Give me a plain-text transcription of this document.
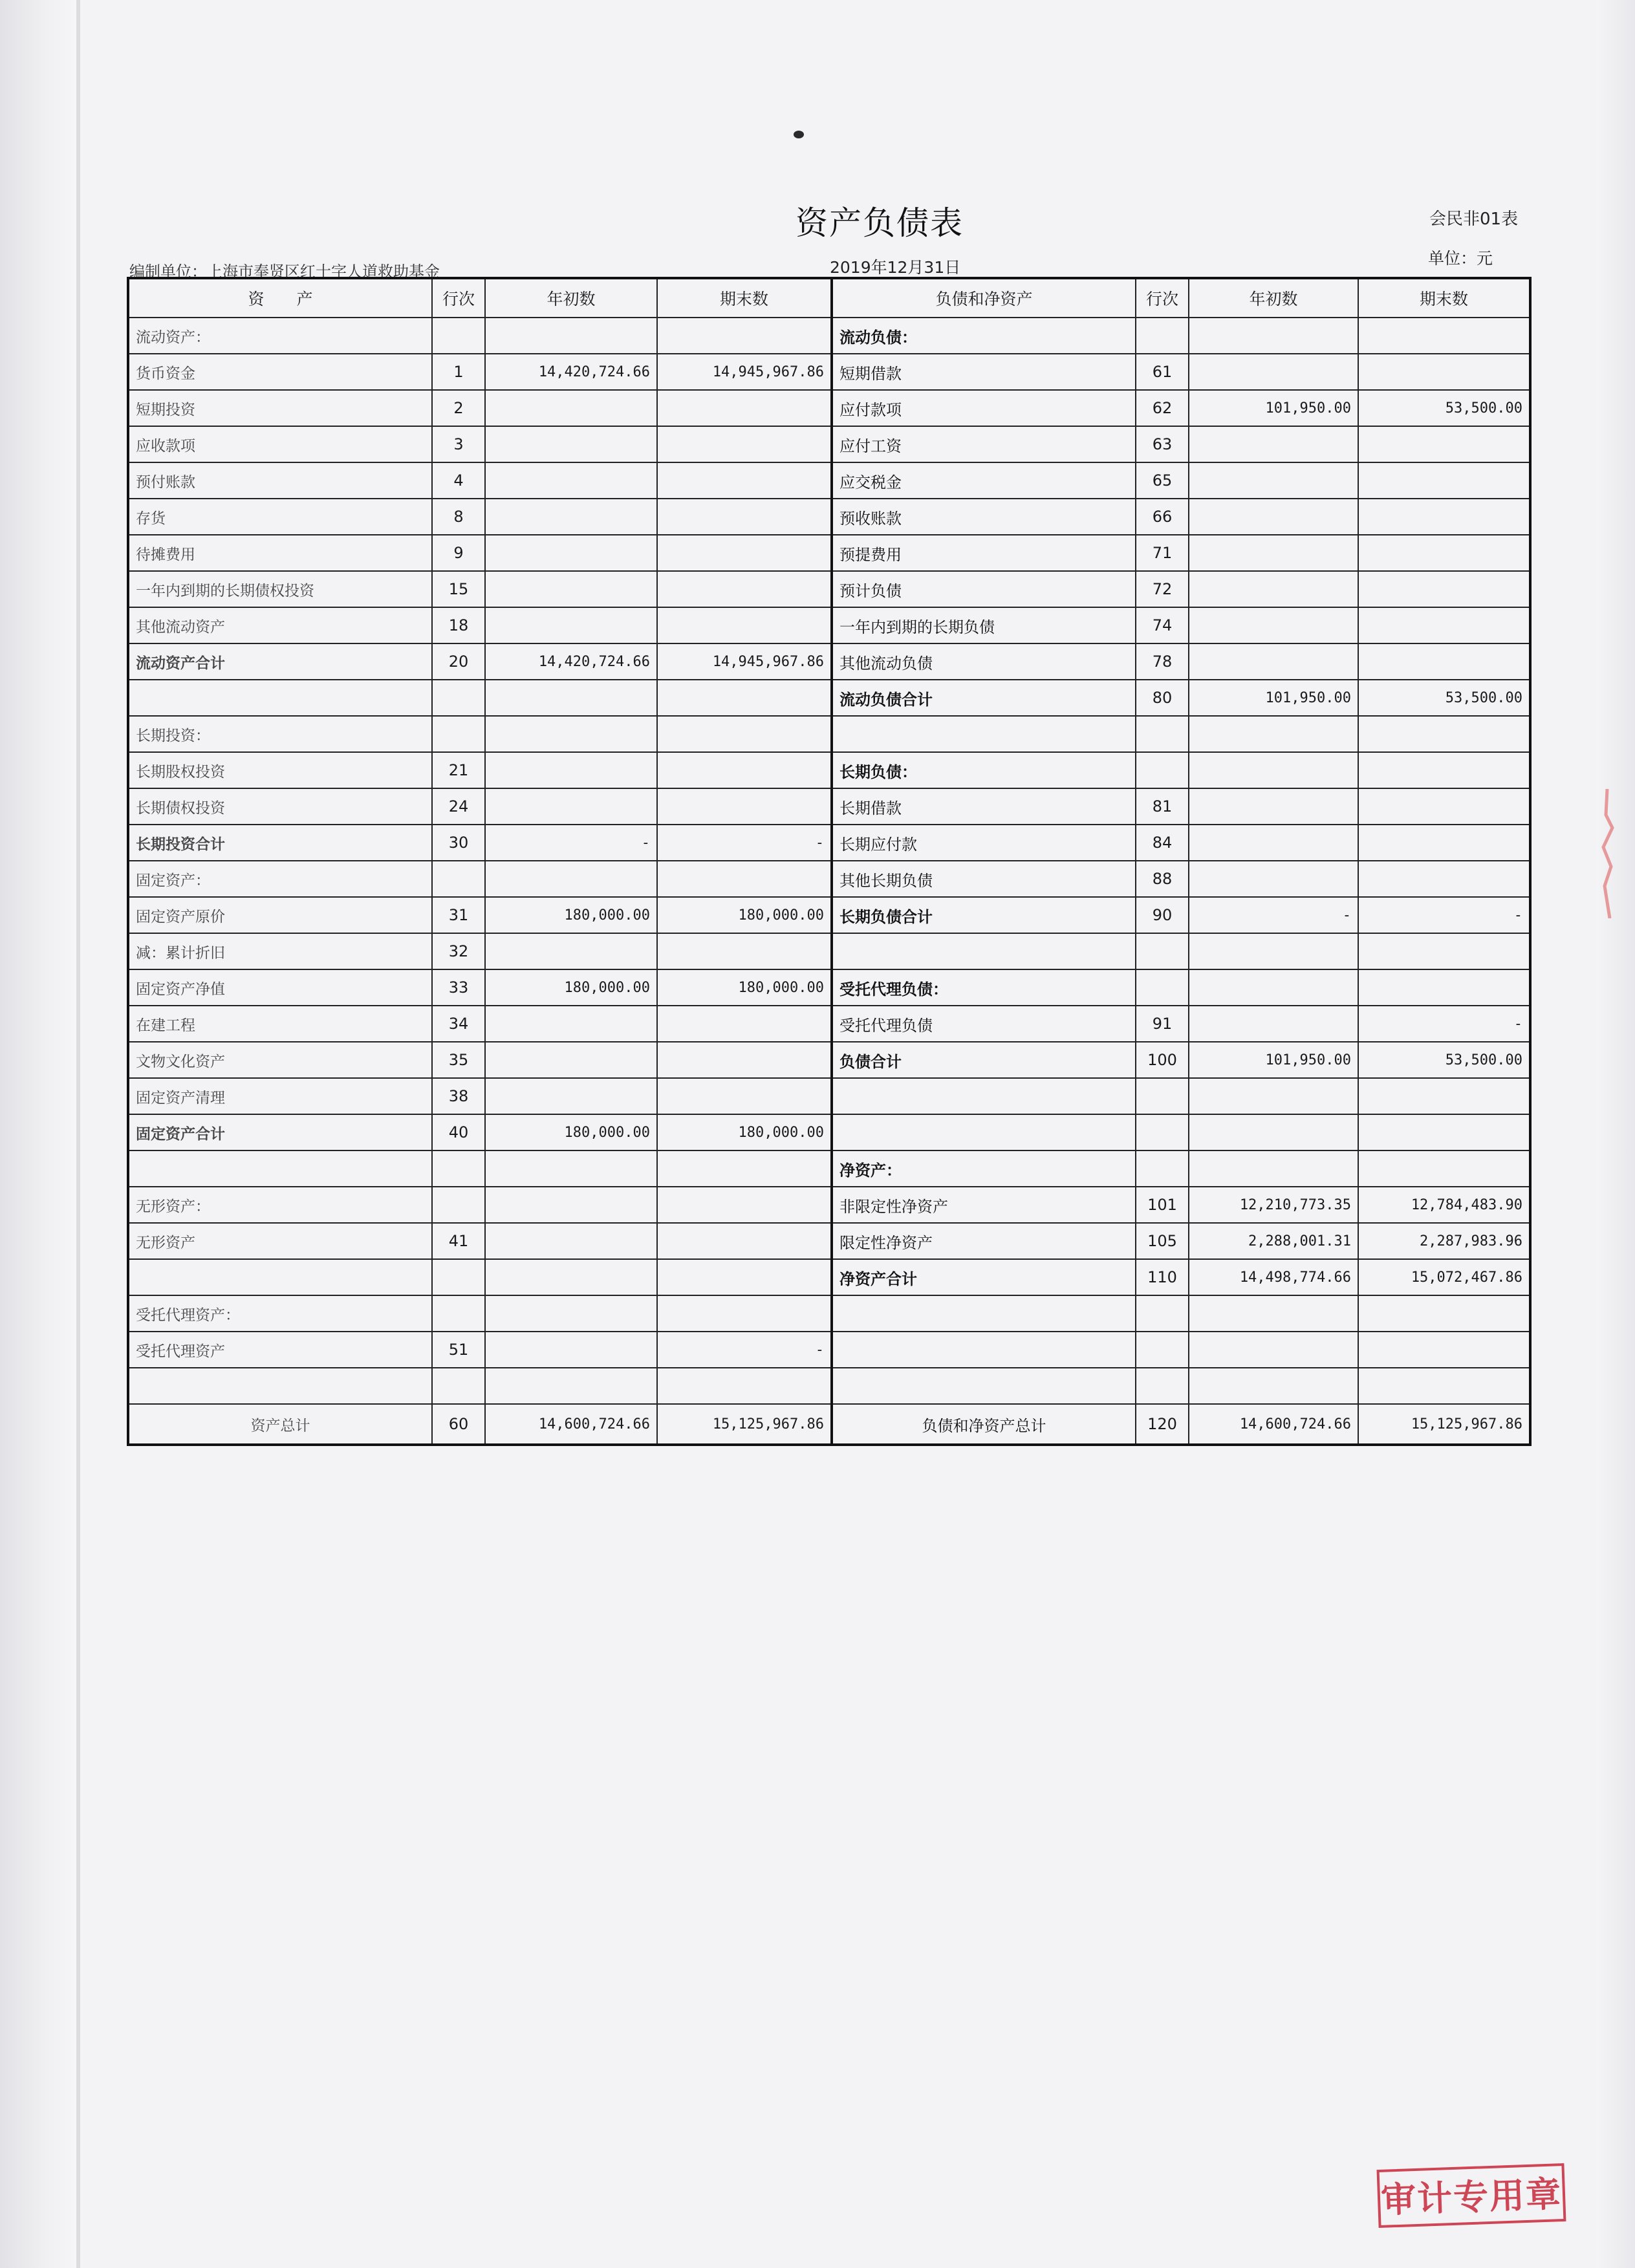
资产负债表	会民非01表
编制单位：上海市奉贤区红十字人道救助基金	2019年12月31日	单位：元
资　　产	行次	年初数	期末数	负债和净资产	行次	年初数	期末数
流动资产：				流动负债：			
货币资金	1	14,420,724.66	14,945,967.86	短期借款	61		
短期投资	2			应付款项	62	101,950.00	53,500.00
应收款项	3			应付工资	63		
预付账款	4			应交税金	65		
存货	8			预收账款	66		
待摊费用	9			预提费用	71		
一年内到期的长期债权投资	15			预计负债	72		
其他流动资产	18			一年内到期的长期负债	74		
流动资产合计	20	14,420,724.66	14,945,967.86	其他流动负债	78		
				流动负债合计	80	101,950.00	53,500.00
长期投资：							
长期股权投资	21			长期负债：			
长期债权投资	24			长期借款	81		
长期投资合计	30	-	-	长期应付款	84		
固定资产：				其他长期负债	88		
固定资产原价	31	180,000.00	180,000.00	长期负债合计	90	-	-
减：累计折旧	32						
固定资产净值	33	180,000.00	180,000.00	受托代理负债：			
在建工程	34			受托代理负债	91		-
文物文化资产	35			负债合计	100	101,950.00	53,500.00
固定资产清理	38						
固定资产合计	40	180,000.00	180,000.00				
				净资产：			
无形资产：				非限定性净资产	101	12,210,773.35	12,784,483.90
无形资产	41			限定性净资产	105	2,288,001.31	2,287,983.96
				净资产合计	110	14,498,774.66	15,072,467.86
受托代理资产：							
受托代理资产	51		-				

资产总计	60	14,600,724.66	15,125,967.86	负债和净资产总计	120	14,600,724.66	15,125,967.86
审计专用章
